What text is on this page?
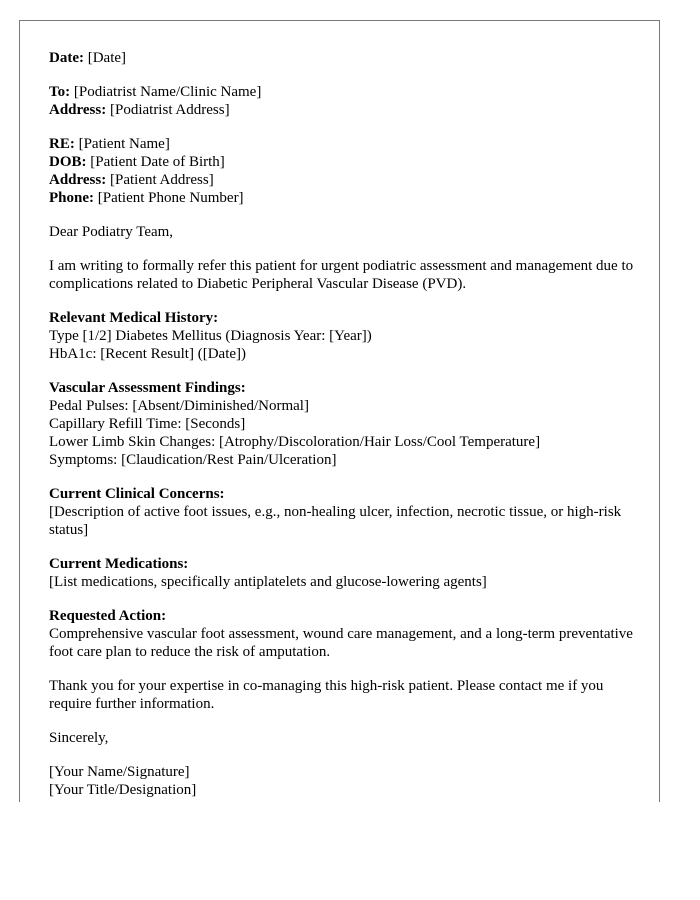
Date: [Date]
To: [Podiatrist Name/Clinic Name]
Address: [Podiatrist Address]
RE: [Patient Name]
DOB: [Patient Date of Birth]
Address: [Patient Address]
Phone: [Patient Phone Number]
Dear Podiatry Team,
I am writing to formally refer this patient for urgent podiatric assessment and management due to complications related to Diabetic Peripheral Vascular Disease (PVD).
Relevant Medical History:
Type [1/2] Diabetes Mellitus (Diagnosis Year: [Year])
HbA1c: [Recent Result] ([Date])
Vascular Assessment Findings:
Pedal Pulses: [Absent/Diminished/Normal]
Capillary Refill Time: [Seconds]
Lower Limb Skin Changes: [Atrophy/Discoloration/Hair Loss/Cool Temperature]
Symptoms: [Claudication/Rest Pain/Ulceration]
Current Clinical Concerns:
[Description of active foot issues, e.g., non-healing ulcer, infection, necrotic tissue, or high-risk status]
Current Medications:
[List medications, specifically antiplatelets and glucose-lowering agents]
Requested Action:
Comprehensive vascular foot assessment, wound care management, and a long-term preventative foot care plan to reduce the risk of amputation.
Thank you for your expertise in co-managing this high-risk patient. Please contact me if you require further information.
Sincerely,
[Your Name/Signature]
[Your Title/Designation]
